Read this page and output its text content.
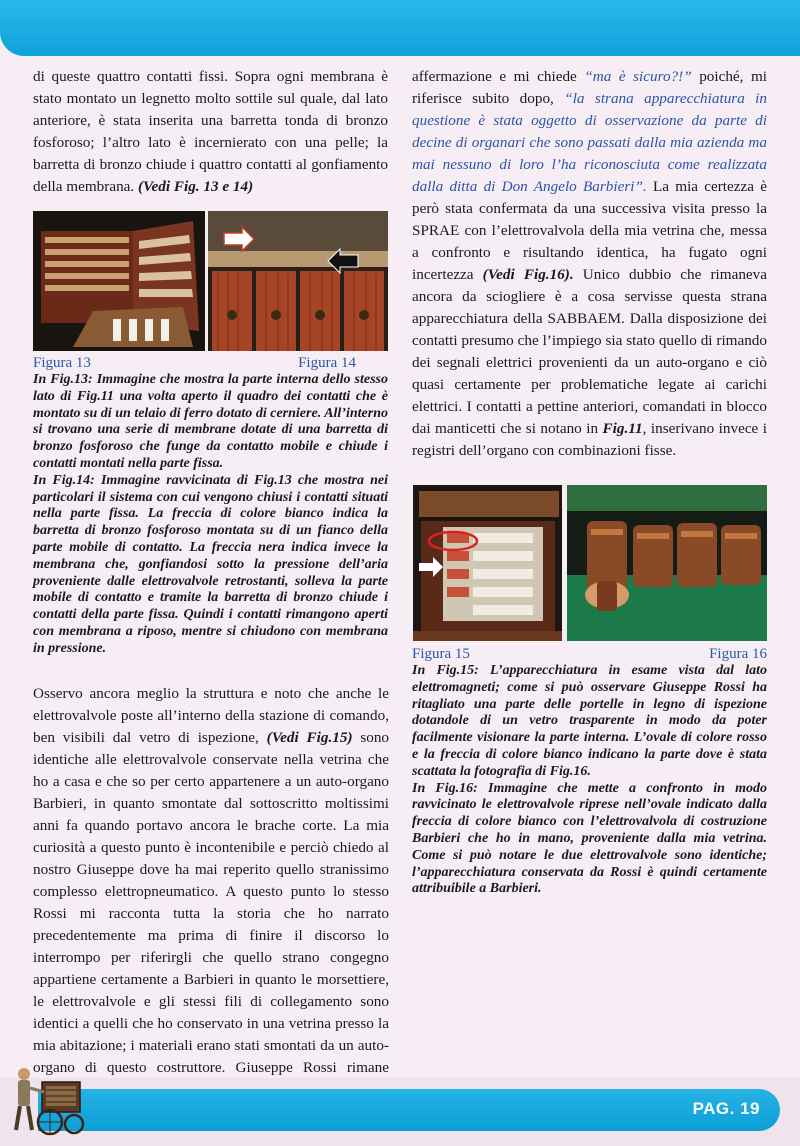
di queste quattro contatti fissi. Sopra ogni membrana è stato montato un legnetto molto sottile sul quale, dal lato anteriore, è stata inserita una barretta tonda di bronzo fosforoso; l’altro lato è incernierato con una pelle; la barretta di bronzo chiude i quattro contatti al gonfiamento della membrana. (Vedi Fig. 13 e 14)

Figura 13	Figura 14

In Fig.13: Immagine che mostra la parte interna dello stesso lato di Fig.11 una volta aperto il quadro dei contatti che è montato su di un telaio di ferro dotato di cerniere. All’interno si trovano una serie di membrane dotate di una barretta di bronzo fosforoso che funge da contatto mobile e chiude i contatti montati nella parte fissa.

In Fig.14: Immagine ravvicinata di Fig.13 che mostra nei particolari il sistema con cui vengono chiusi i contatti situati nella parte fissa. La freccia di colore bianco indica la barretta di bronzo fosforoso montata su di un fianco della parte mobile di contatto. La freccia nera indica invece la membrana che, gonfiandosi sotto la pressione dell’aria proveniente dalle elettrovalvole retrostanti, solleva la parte mobile di contatto e tramite la barretta di bronzo chiude i contatti della parte fissa. Quindi i contatti rimangono aperti con membrana a riposo, mentre si chiudono con membrana in pressione.

Osservo ancora meglio la struttura e noto che anche le elettrovalvole poste all’interno della stazione di comando, ben visibili dal vetro di ispezione, (Vedi Fig.15) sono identiche alle elettrovalvole conservate nella vetrina che ho a casa e che so per certo appartenere a un auto-organo Barbieri, in quanto smontate dal sottoscritto moltissimi anni fa quando portavo ancora le brache corte. La mia curiosità a questo punto è incontenibile e perciò chiedo al nostro Giuseppe dove ha mai reperito quello stranissimo complesso elettropneumatico. A questo punto lo stesso Rossi mi racconta tutta la storia che ho narrato precedentemente ma prima di finire il discorso lo interrompo per riferirgli che quello strano congegno appartiene certamente a Barbieri in quanto le morsettiere, le elettrovalvole e gli stessi fili di collegamento sono identici a quelli che ho conservato in una vetrina presso la mia abitazione; i materiali erano stati smontati da un auto-organo di questo costruttore. Giuseppe Rossi rimane

affermazione e mi chiede “ma è sicuro?!” poiché, mi riferisce subito dopo, “la strana apparecchiatura in questione è stata oggetto di osservazione da parte di decine di organari che sono passati dalla mia azienda ma mai nessuno di loro l’ha riconosciuta come realizzata dalla ditta di Don Angelo Barbieri”. La mia certezza è però stata confermata da una successiva visita presso la SPRAE con l’elettrovalvola della mia vetrina che, messa a confronto e risultando identica, ha fugato ogni incertezza (Vedi Fig.16). Unico dubbio che rimaneva ancora da sciogliere è a cosa servisse questa strana apparecchiatura della SABBAEM. Dalla disposizione dei contatti presumo che l’impiego sia stato quello di rimando dei segnali elettrici provenienti da un auto-organo e ciò quasi certamente per problematiche legate ai carichi elettrici. I contatti a pettine anteriori, comandati in blocco dai manticetti che si notano in Fig.11, inserivano invece i registri dell’organo con combinazioni fisse.

Figura 15	Figura 16

In Fig.15: L’apparecchiatura in esame vista dal lato elettromagneti; come si può osservare Giuseppe Rossi ha ritagliato una parte delle portelle in legno di ispezione dotandole di un vetro trasparente in modo da poter facilmente visionare la parte interna. L’ovale di colore rosso e la freccia di colore bianco indicano la parte dove è stata scattata la fotografia di Fig.16.

In Fig.16: Immagine che mette a confronto in modo ravvicinato le elettrovalvole riprese nell’ovale indicato dalla freccia di colore bianco con l’elettrovalvola di costruzione Barbieri che ho in mano, proveniente dalla mia vetrina. Come si può notare le due elettrovalvole sono identiche; l’apparecchiatura conservata da Rossi è quindi certamente attribuibile a Barbieri.

PAG. 19
